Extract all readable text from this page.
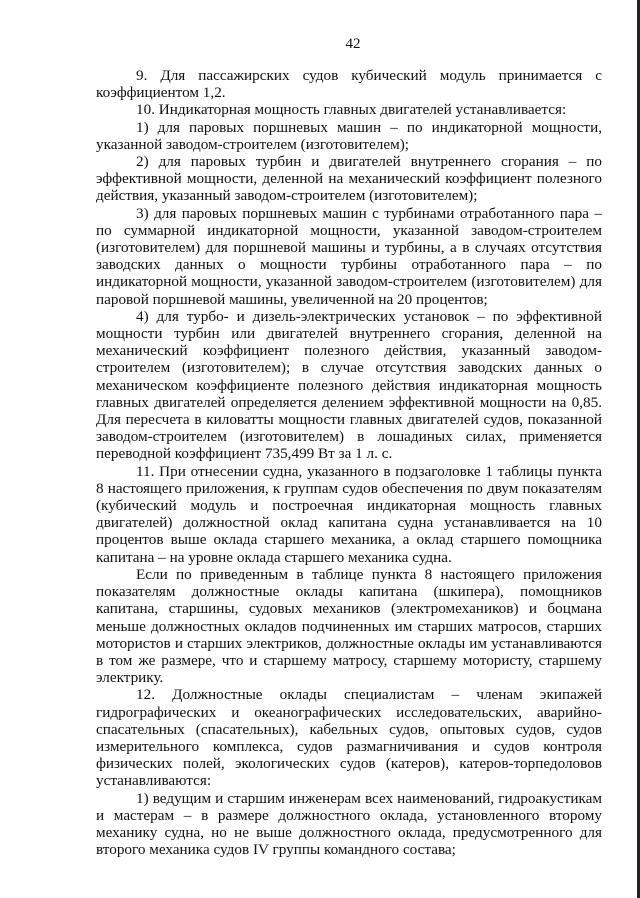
42

9. Для пассажирских судов кубический модуль принимается с коэффициентом 1,2.

10. Индикаторная мощность главных двигателей устанавливается:

1) для паровых поршневых машин – по индикаторной мощности, указанной заводом-строителем (изготовителем);

2) для паровых турбин и двигателей внутреннего сгорания – по эффективной мощности, деленной на механический коэффициент полезного действия, указанный заводом-строителем (изготовителем);

3) для паровых поршневых машин с турбинами отработанного пара – по суммарной индикаторной мощности, указанной заводом-строителем (изготовителем) для поршневой машины и турбины, а в случаях отсутствия заводских данных о мощности турбины отработанного пара – по индикаторной мощности, указанной заводом-строителем (изготовителем) для паровой поршневой машины, увеличенной на 20 процентов;

4) для турбо- и дизель-электрических установок – по эффективной мощности турбин или двигателей внутреннего сгорания, деленной на механический коэффициент полезного действия, указанный заводом-строителем (изготовителем); в случае отсутствия заводских данных о механическом коэффициенте полезного действия индикаторная мощность главных двигателей определяется делением эффективной мощности на 0,85. Для пересчета в киловатты мощности главных двигателей судов, показанной заводом-строителем (изготовителем) в лошадиных силах, применяется переводной коэффициент 735,499 Вт за 1 л. с.

11. При отнесении судна, указанного в подзаголовке 1 таблицы пункта 8 настоящего приложения, к группам судов обеспечения по двум показателям (кубический модуль и построечная индикаторная мощность главных двигателей) должностной оклад капитана судна устанавливается на 10 процентов выше оклада старшего механика, а оклад старшего помощника капитана – на уровне оклада старшего механика судна.

Если по приведенным в таблице пункта 8 настоящего приложения показателям должностные оклады капитана (шкипера), помощников капитана, старшины, судовых механиков (электромехаников) и боцмана меньше должностных окладов подчиненных им старших матросов, старших мотористов и старших электриков, должностные оклады им устанавливаются в том же размере, что и старшему матросу, старшему мотористу, старшему электрику.

12. Должностные оклады специалистам – членам экипажей гидрографических и океанографических исследовательских, аварийно-спасательных (спасательных), кабельных судов, опытовых судов, судов измерительного комплекса, судов размагничивания и судов контроля физических полей, экологических судов (катеров), катеров-торпедоловов устанавливаются:

1) ведущим и старшим инженерам всех наименований, гидроакустикам и мастерам – в размере должностного оклада, установленного второму механику судна, но не выше должностного оклада, предусмотренного для второго механика судов IV группы командного состава;
